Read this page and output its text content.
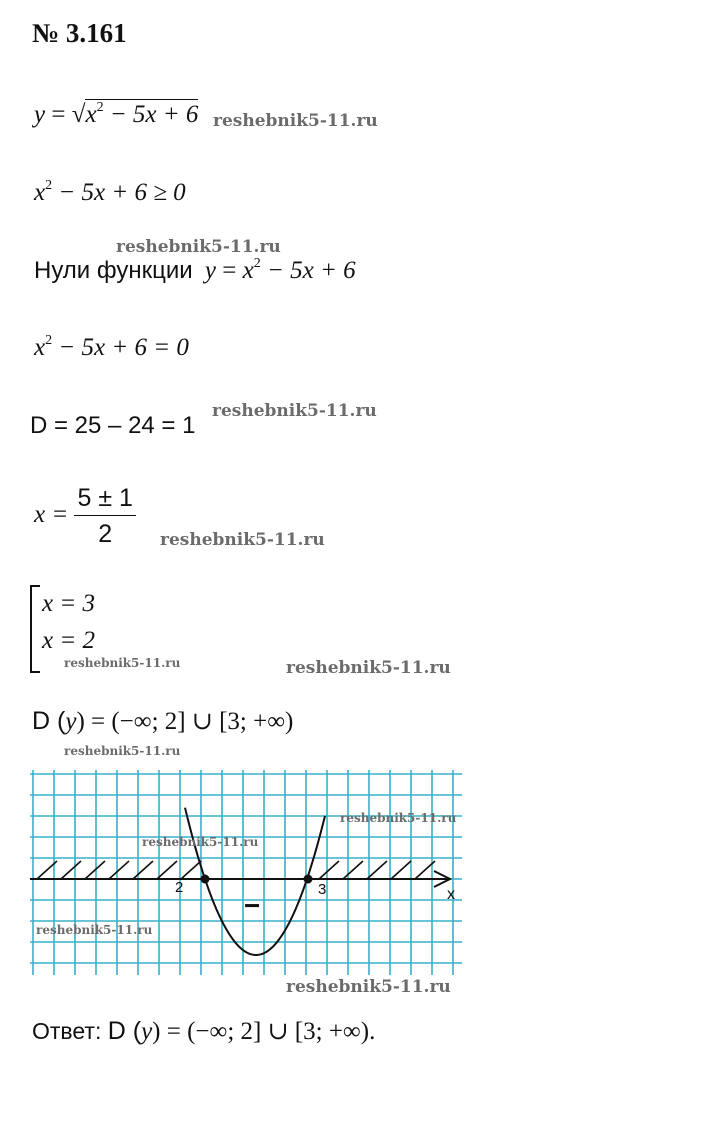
№ 3.161
$y = √x^2 - 5x + 6$ reshebnik5-11.ru
$x^2 - 5x + 6 \ge 0$
reshebnik5-11.ru
Нули функции $y = x^2 - 5x + 6$
$x^2 - 5x + 6 = 0$
D = 25 – 24 = 1
reshebnik5-11.ru
$x = \frac{5 \pm 1}{2}$ reshebnik5-11.ru
x = 3
x = 2
reshebnik5-11.ru	reshebnik5-11.ru
D (y) = (−∞; 2] ∪ [3; +∞)
reshebnik5-11.ru
2	3	x
−
reshebnik5-11.ru
reshebnik5-11.ru
reshebnik5-11.ru
reshebnik5-11.ru
Ответ: D (y) = (−∞; 2] ∪ [3; +∞).
